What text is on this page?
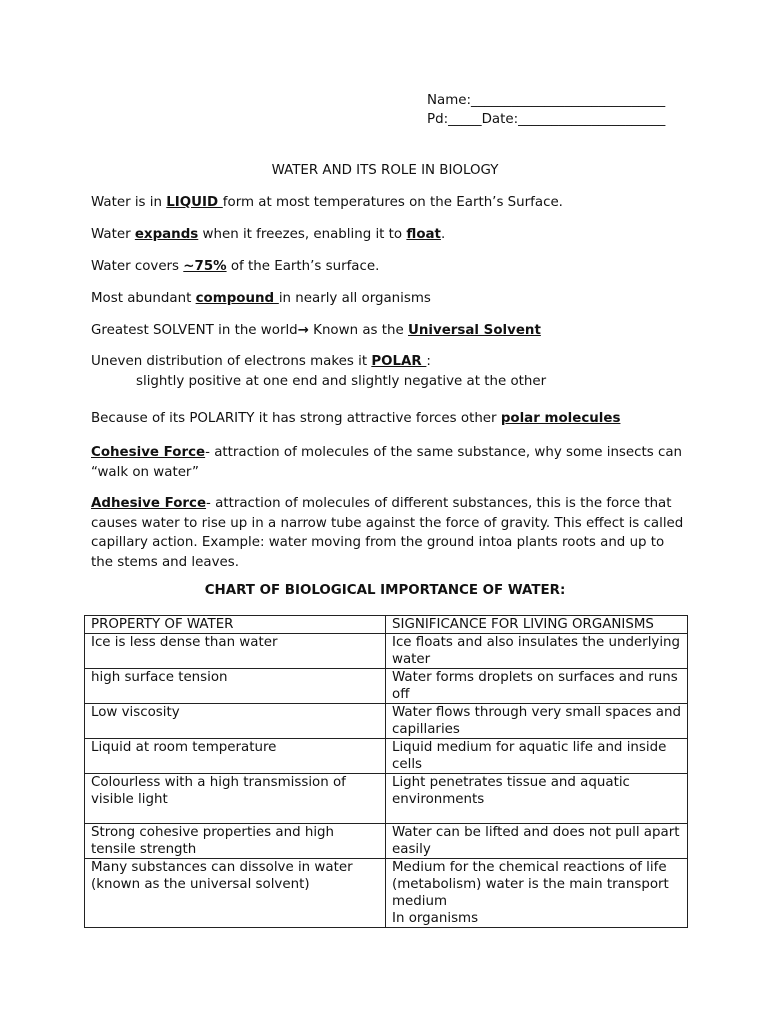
Name:_____________________________
Pd:_____Date:______________________
WATER AND ITS ROLE IN BIOLOGY
Water is in LIQUID form at most temperatures on the Earth’s Surface.
Water expands when it freezes, enabling it to float.
Water covers ~75% of the Earth’s surface.
Most abundant compound in nearly all organisms
Greatest SOLVENT in the world→ Known as the Universal Solvent
Uneven distribution of electrons makes it POLAR :
slightly positive at one end and slightly negative at the other
Because of its POLARITY it has strong attractive forces other polar molecules
Cohesive Force- attraction of molecules of the same substance, why some insects can “walk on water”
Adhesive Force- attraction of molecules of different substances, this is the force that causes water to rise up in a narrow tube against the force of gravity. This effect is called capillary action. Example: water moving from the ground intoa plants roots and up to the stems and leaves.
CHART OF BIOLOGICAL IMPORTANCE OF WATER:
PROPERTY OF WATER	SIGNIFICANCE FOR LIVING ORGANISMS
Ice is less dense than water	Ice floats and also insulates the underlying water
high surface tension	Water forms droplets on surfaces and runs off
Low viscosity	Water flows through very small spaces and capillaries
Liquid at room temperature	Liquid medium for aquatic life and inside cells
Colourless with a high transmission of visible light	Light penetrates tissue and aquatic environments
Strong cohesive properties and high tensile strength	Water can be lifted and does not pull apart easily
Many substances can dissolve in water (known as the universal solvent)	Medium for the chemical reactions of life (metabolism) water is the main transport medium
In organisms
